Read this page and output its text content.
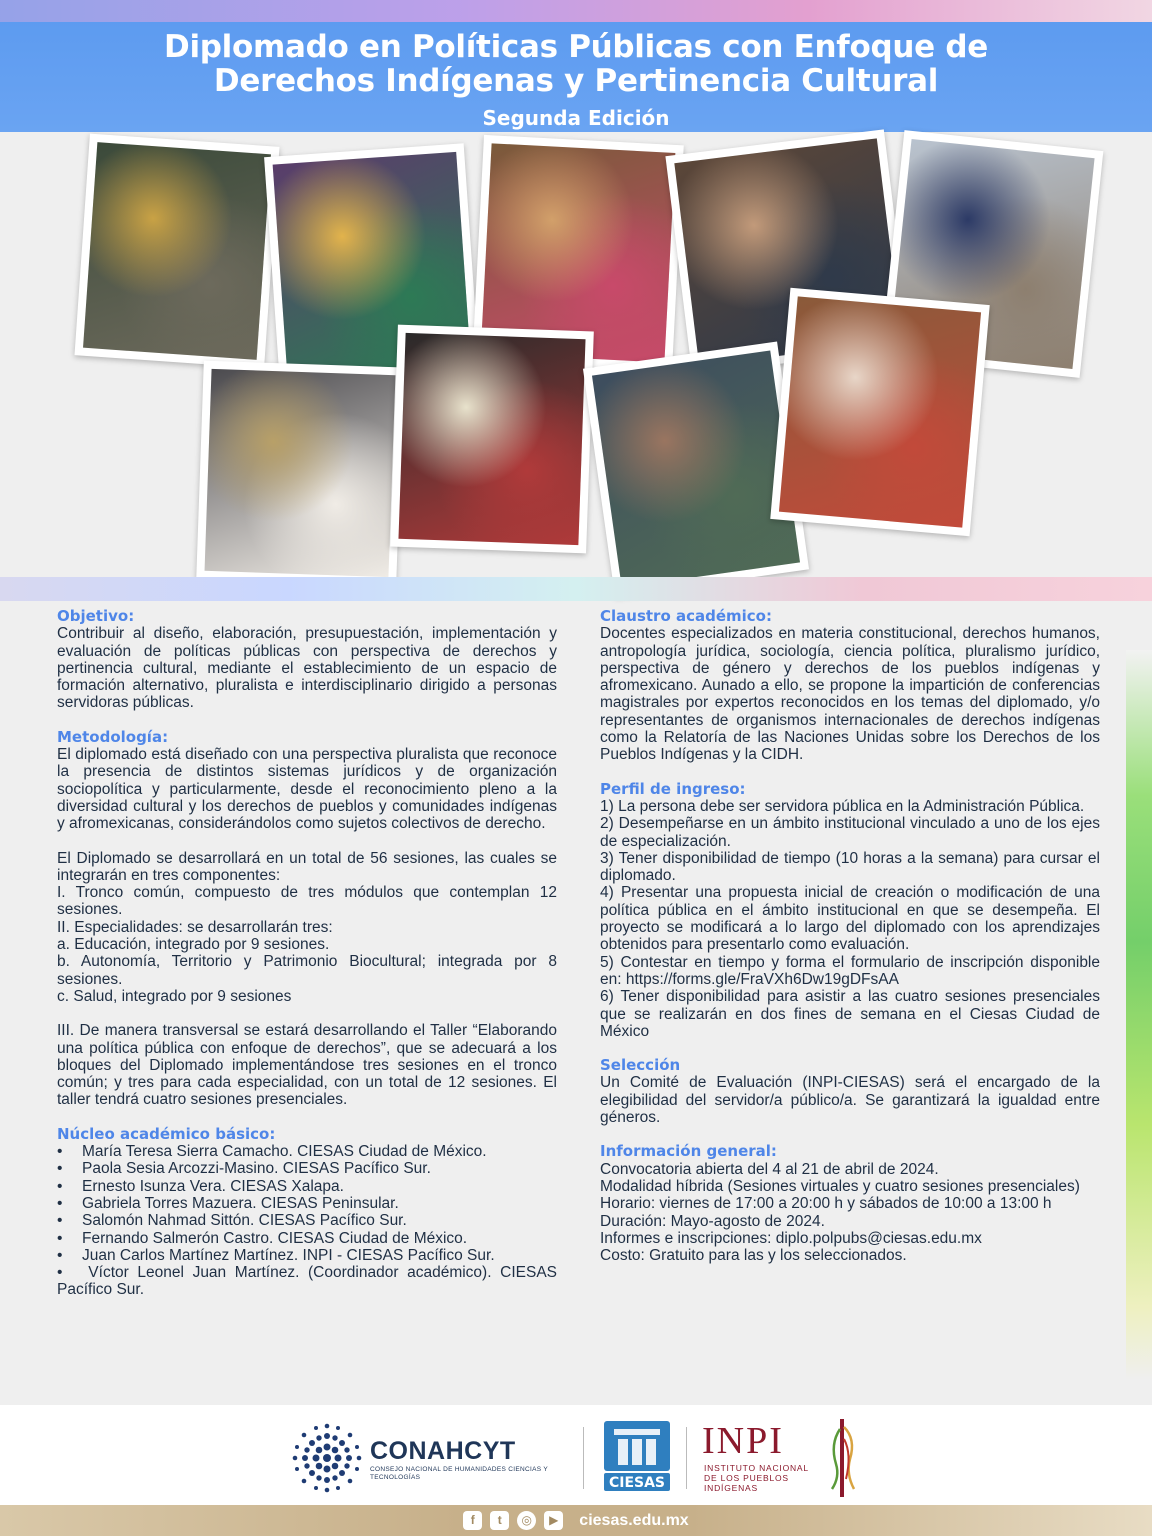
Diplomado en Políticas Públicas con Enfoque de
Derechos Indígenas y Pertinencia Cultural
Segunda Edición
Objetivo:
Contribuir al diseño, elaboración, presupuestación, implementación y evaluación de políticas públicas con perspectiva de derechos y pertinencia cultural, mediante el establecimiento de un espacio de formación alternativo, pluralista e interdisciplinario dirigido a personas servidoras públicas.
Metodología:
El diplomado está diseñado con una perspectiva pluralista que reconoce la presencia de distintos sistemas jurídicos y de organización sociopolítica y particularmente, desde el reconocimiento pleno a la diversidad cultural y los derechos de pueblos y comunidades indígenas y afromexicanas, considerándolos como sujetos colectivos de derecho.
El Diplomado se desarrollará en un total de 56 sesiones, las cuales se integrarán en tres componentes:
I. Tronco común, compuesto de tres módulos que contemplan 12 sesiones.
II. Especialidades: se desarrollarán tres:
a. Educación, integrado por 9 sesiones.
b. Autonomía, Territorio y Patrimonio Biocultural; integrada por 8 sesiones.
c. Salud, integrado por 9 sesiones
III. De manera transversal se estará desarrollando el Taller “Elaborando una política pública con enfoque de derechos”, que se adecuará a los bloques del Diplomado implementándose tres sesiones en el tronco común; y tres para cada especialidad, con un total de 12 sesiones. El taller tendrá cuatro sesiones presenciales.
Núcleo académico básico:
•	María Teresa Sierra Camacho. CIESAS Ciudad de México.
•	Paola Sesia Arcozzi-Masino. CIESAS Pacífico Sur.
•	Ernesto Isunza Vera. CIESAS Xalapa.
•	Gabriela Torres Mazuera. CIESAS Peninsular.
•	Salomón Nahmad Sittón. CIESAS Pacífico Sur.
•	Fernando Salmerón Castro. CIESAS Ciudad de México.
•	Juan Carlos Martínez Martínez. INPI - CIESAS Pacífico Sur.
•   Víctor Leonel Juan Martínez. (Coordinador académico). CIESAS Pacífico Sur.
Claustro académico:
Docentes especializados en materia constitucional, derechos humanos, antropología jurídica, sociología, ciencia política, pluralismo jurídico, perspectiva de género y derechos de los pueblos indígenas y afromexicano. Aunado a ello, se propone la impartición de conferencias magistrales por expertos reconocidos en los temas del diplomado, y/o representantes de organismos internacionales de derechos indígenas como la Relatoría de las Naciones Unidas sobre los Derechos de los Pueblos Indígenas y la CIDH.
Perfil de ingreso:
1) La persona debe ser servidora pública en la Administración Pública.
2) Desempeñarse en un ámbito institucional vinculado a uno de los ejes de especialización.
3) Tener disponibilidad de tiempo (10 horas a la semana) para cursar el diplomado.
4) Presentar una propuesta inicial de creación o modificación de una política pública en el ámbito institucional en que se desempeña. El proyecto se modificará a lo largo del diplomado con los aprendizajes obtenidos para presentarlo como evaluación.
5) Contestar en tiempo y forma el formulario de inscripción disponible en: https://forms.gle/FraVXh6Dw19gDFsAA
6) Tener disponibilidad para asistir a las cuatro sesiones presenciales que se realizarán en dos fines de semana en el Ciesas Ciudad de México
Selección
Un Comité de Evaluación (INPI-CIESAS) será el encargado de la elegibilidad del servidor/a público/a. Se garantizará la igualdad entre géneros.
Información general:
Convocatoria abierta del 4 al 21 de abril de 2024.
Modalidad híbrida (Sesiones virtuales y cuatro sesiones presenciales)
Horario: viernes de 17:00 a 20:00 h y sábados de 10:00 a 13:00 h
Duración: Mayo-agosto de 2024.
Informes e inscripciones: diplo.polpubs@ciesas.edu.mx
Costo: Gratuito para las y los seleccionados.
CONAHCYT
CONSEJO NACIONAL DE HUMANIDADES CIENCIAS Y TECNOLOGÍAS	CIESAS
INPI
INSTITUTO NACIONAL DE LOS PUEBLOS INDÍGENAS
f	t	◎	▶	ciesas.edu.mx
